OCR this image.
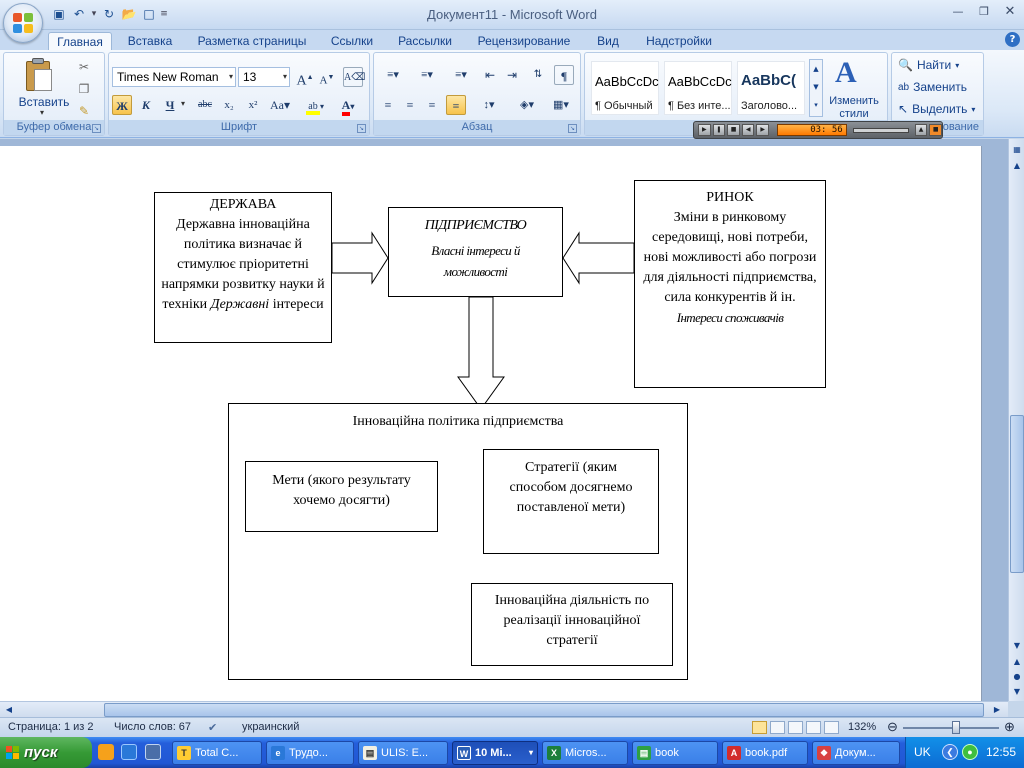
▣ ↶ ▾ ↻ 📂 □ ≡	Документ11 - Microsoft Word	—	❐	✕
Главная	Вставка	Разметка страницы	Ссылки	Рассылки	Рецензирование	Вид	Надстройки	?
Вставить
▾
✂
❐
✎
Буфер обмена ↘
Times New Roman ▾ 13	▾ A▲ A▼ A⌫
Ж	К	Ч ▾	abc	x₂	x²	Aa▾	ab ▾	A▾
Шрифт	↘
≡▾	≡▾	≡▾	⇤ ⇥	⇅	¶
≡	≡	≡	≡	↕▾	◈▾	▦▾
Абзац	↘
AaBbCcDc
¶ Обычный
AaBbCcDc
¶ Без инте...
AaBbC(
Заголово...
▲
▼
▾
A
Изменить стили
ование
🔍 Найти ▾
ab Заменить
↖ Выделить ▾
▶	❚	■	◀	▶	03: 56	▲	■
ДЕРЖАВА
Державна інноваційна політика визначає й стимулює пріоритетні напрямки розвитку науки й техніки Державні інтереси
ПІДПРИЄМСТВО
Власні інтереси й можливості
РИНОК
Зміни в ринковому середовищі, нові потреби, нові можливості або погрози для діяльності підприємства, сила конкурентів й ін.
Інтереси споживачів
Інноваційна політика підприємства
Мети (якого результату хочемо досягти)
Стратегії (яким способом досягнемо поставленої мети)
Інноваційна діяльність по реалізації інноваційної стратегії
▦
▲
▼
▲
●
▼
◀	▶
Страница: 1 из 2 Число слов: 67 ✔ украинский	132% ⊖	⊕
пуск	T Total C...	e Трудо...	▤ ULIS: E...	W 10 Mi... ▾	X Micros...	▤ book	A book.pdf	❖ Докум...	UK	❮	●	12:55
